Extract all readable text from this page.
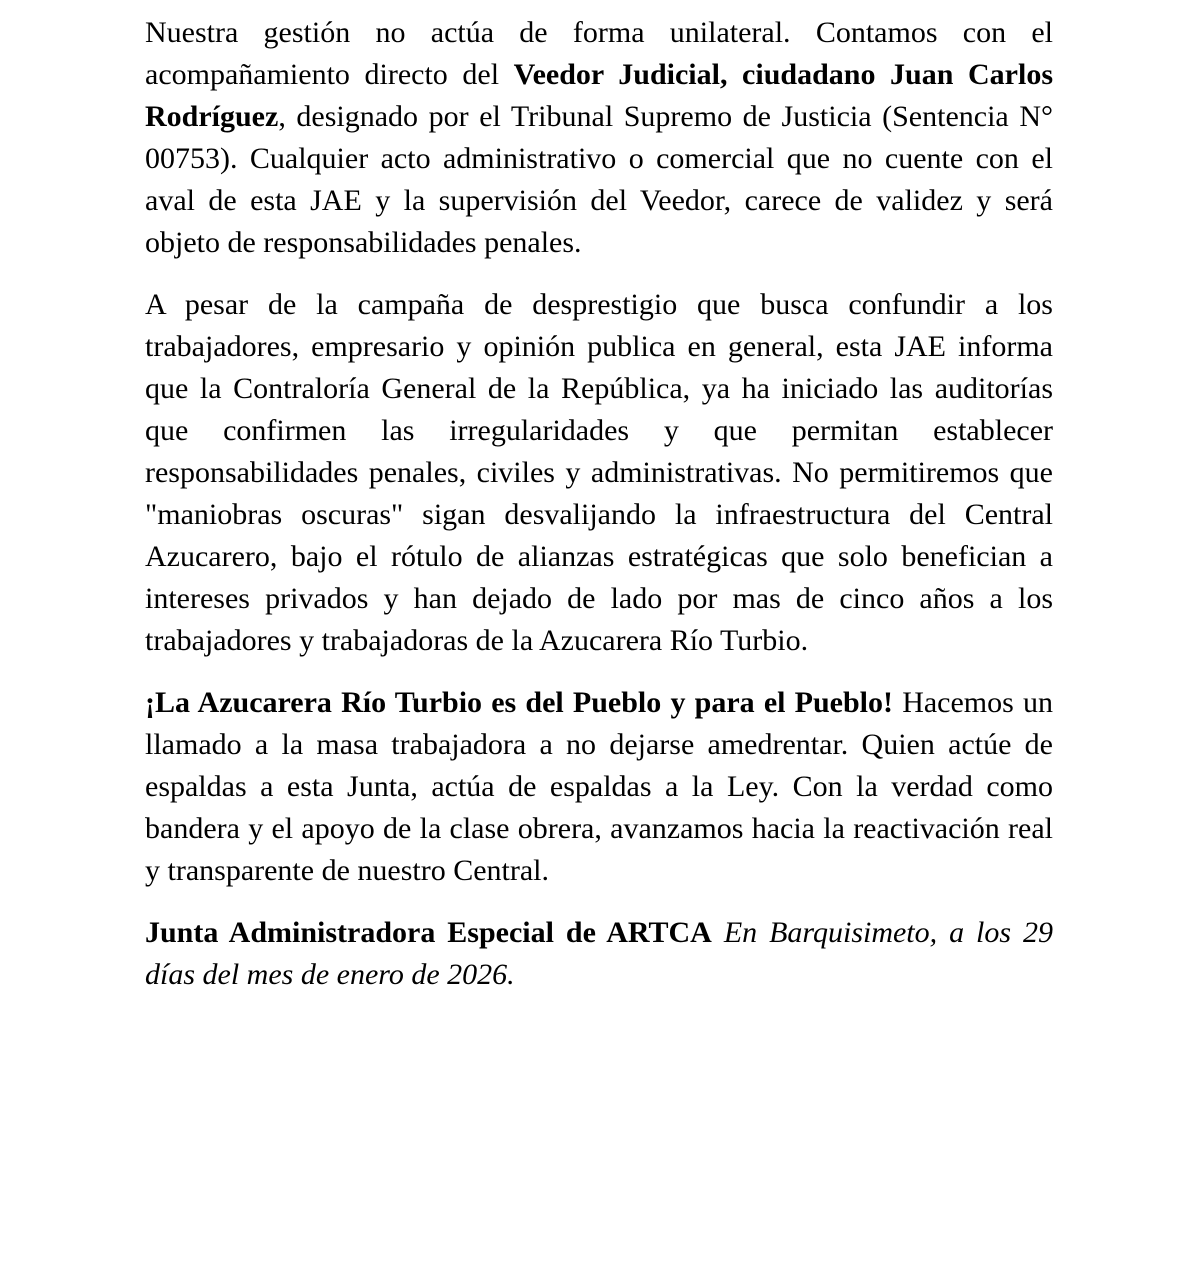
Nuestra gestión no actúa de forma unilateral. Contamos con el acompañamiento directo del Veedor Judicial, ciudadano Juan Carlos Rodríguez, designado por el Tribunal Supremo de Justicia (Sentencia N° 00753). Cualquier acto administrativo o comercial que no cuente con el aval de esta JAE y la supervisión del Veedor, carece de validez y será objeto de responsabilidades penales.

A pesar de la campaña de desprestigio que busca confundir a los trabajadores, empresario y opinión publica en general, esta JAE informa que la Contraloría General de la República, ya ha iniciado las auditorías que confirmen las irregularidades y que permitan establecer responsabilidades penales, civiles y administrativas. No permitiremos que "maniobras oscuras" sigan desvalijando la infraestructura del Central Azucarero, bajo el rótulo de alianzas estratégicas que solo benefician a intereses privados y han dejado de lado por mas de cinco años a los trabajadores y trabajadoras de la Azucarera Río Turbio.

¡La Azucarera Río Turbio es del Pueblo y para el Pueblo! Hacemos un llamado a la masa trabajadora a no dejarse amedrentar. Quien actúe de espaldas a esta Junta, actúa de espaldas a la Ley. Con la verdad como bandera y el apoyo de la clase obrera, avanzamos hacia la reactivación real y transparente de nuestro Central.

Junta Administradora Especial de ARTCA En Barquisimeto, a los 29 días del mes de enero de 2026.
